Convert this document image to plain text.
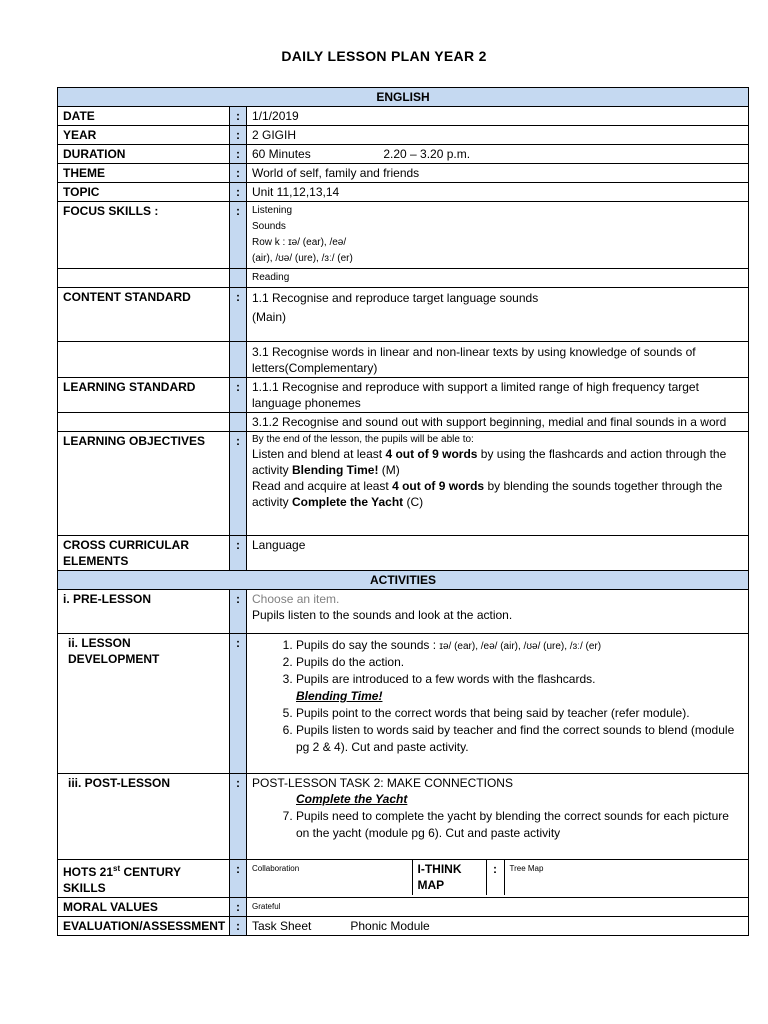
DAILY LESSON PLAN YEAR 2
ENGLISH
DATE	:	1/1/2019
YEAR	:	2 GIGIH
DURATION	:	60 Minutes	2.20 – 3.20 p.m.
THEME	:	World of self, family and friends
TOPIC	:	Unit 11,12,13,14
FOCUS SKILLS :	:	Listening
Sounds
Row k : ɪə/ (ear), /eə/
(air), /ʊə/ (ure), /ɜː/ (er)

		Reading
CONTENT STANDARD	:	1.1 Recognise and reproduce target language sounds
(Main)

		3.1 Recognise words in linear and non-linear texts by using knowledge of sounds of letters(Complementary)
LEARNING STANDARD	:	1.1.1 Recognise and reproduce with support a limited range of high frequency target language phonemes
		3.1.2 Recognise and sound out with support beginning, medial and final sounds in a word
LEARNING OBJECTIVES	:	By the end of the lesson, the pupils will be able to:
Listen and blend at least 4 out of 9 words by using the flashcards and action through the activity Blending Time! (M)
Read and acquire at least 4 out of 9 words by blending the sounds together through the activity Complete the Yacht (C)

CROSS CURRICULAR ELEMENTS	:	Language
ACTIVITIES
i. PRE-LESSON	:	Choose an item.
Pupils listen to the sounds and look at the action.

ii. LESSON DEVELOPMENT	:	
1.Pupils do say the sounds : ɪə/ (ear), /eə/ (air), /ʊə/ (ure), /ɜː/ (er)
2. Pupils do the action.
3. Pupils are introduced to a few words with the flashcards.
Blending Time!
5. Pupils point to the correct words that being said by teacher (refer module).
6. Pupils listen to words said by teacher and find the correct sounds to blend (module pg 2 & 4). Cut and paste activity.

iii. POST-LESSON	:	POST-LESSON TASK 2: MAKE CONNECTIONS
Complete the Yacht
7. Pupils need to complete the yacht by blending the correct sounds for each picture on the yacht (module pg 6). Cut and paste activity

HOTS 21st CENTURY SKILLS	:	Collaboration	I-THINK MAP	:	Tree Map

MORAL VALUES	:	Grateful
EVALUATION/ASSESSMENT	:	Task Sheet	Phonic Module
